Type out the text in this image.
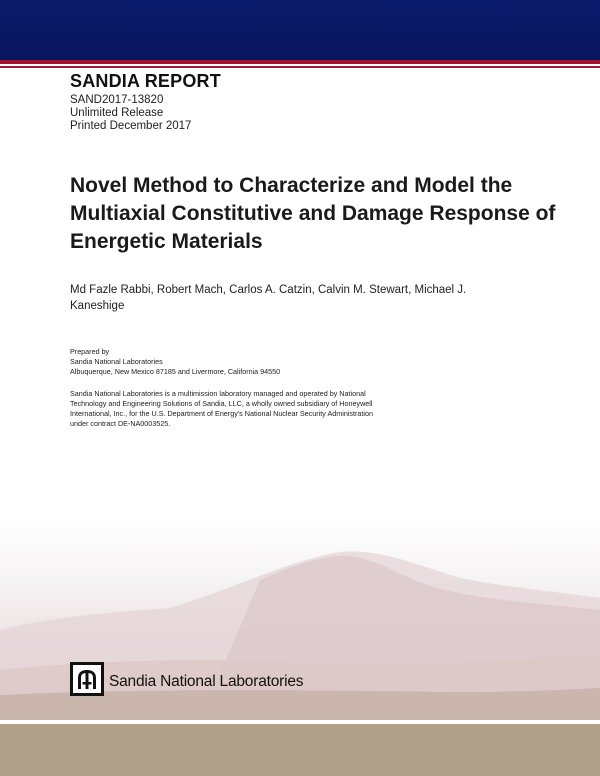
SANDIA REPORT
SAND2017-13820
Unlimited Release
Printed December 2017
Novel Method to Characterize and Model the Multiaxial Constitutive and Damage Response of Energetic Materials
Md Fazle Rabbi, Robert Mach, Carlos A. Catzin, Calvin M. Stewart, Michael J. Kaneshige
Prepared by
Sandia National Laboratories
Albuquerque, New Mexico 87185 and Livermore, California 94550
Sandia National Laboratories is a multimission laboratory managed and operated by National Technology and Engineering Solutions of Sandia, LLC, a wholly owned subsidiary of Honeywell International, Inc., for the U.S. Department of Energy's National Nuclear Security Administration under contract DE-NA0003525.
Sandia National Laboratories
